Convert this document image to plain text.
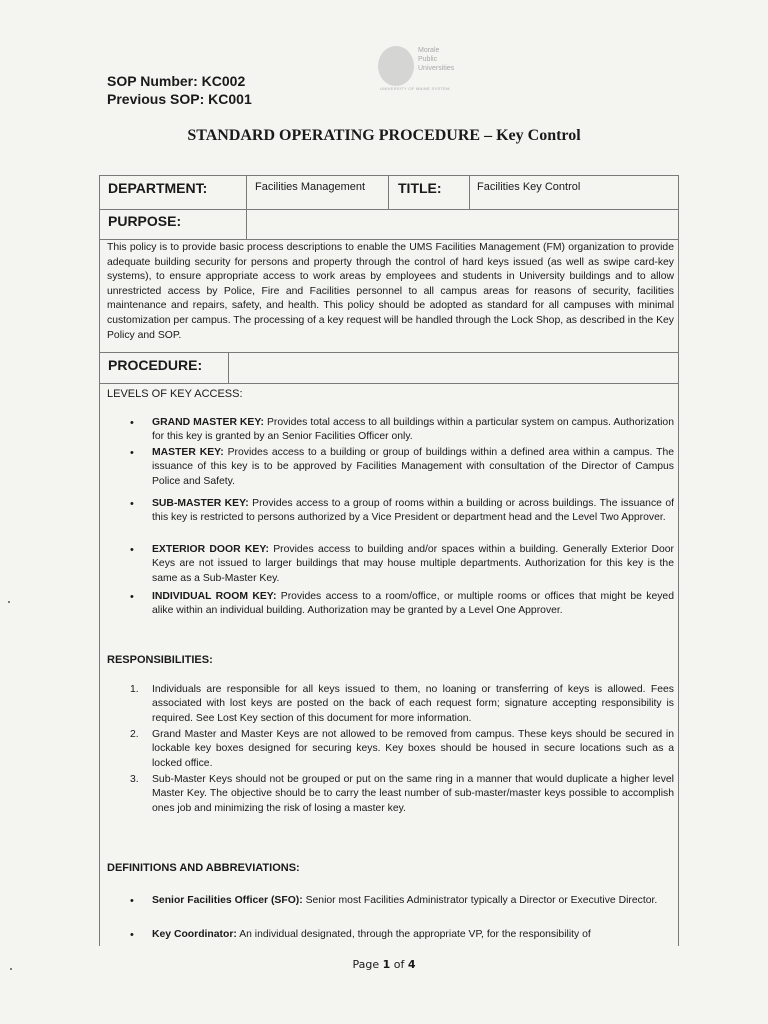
Morale
Public
Universities
UNIVERSITY OF MAINE SYSTEM
SOP Number: KC002
Previous SOP: KC001
STANDARD OPERATING PROCEDURE – Key Control
DEPARTMENT:	Facilities Management TITLE:	Facilities Key Control
PURPOSE:
This policy is to provide basic process descriptions to enable the UMS Facilities Management (FM) organization to provide adequate building security for persons and property through the control of hard keys issued (as well as swipe card-key systems), to ensure appropriate access to work areas by employees and students in University buildings and to allow unrestricted access by Police, Fire and Facilities personnel to all campus areas for reasons of security, facilities maintenance and repairs, safety, and health. This policy should be adopted as standard for all campuses with minimal customization per campus. The processing of a key request will be handled through the Lock Shop, as described in the Key Policy and SOP.
PROCEDURE:
LEVELS OF KEY ACCESS:
• GRAND MASTER KEY: Provides total access to all buildings within a particular system on campus. Authorization for this key is granted by an Senior Facilities Officer only.
• MASTER KEY: Provides access to a building or group of buildings within a defined area within a campus. The issuance of this key is to be approved by Facilities Management with consultation of the Director of Campus Police and Safety.
• SUB-MASTER KEY: Provides access to a group of rooms within a building or across buildings. The issuance of this key is restricted to persons authorized by a Vice President or department head and the Level Two Approver.
• EXTERIOR DOOR KEY: Provides access to building and/or spaces within a building. Generally Exterior Door Keys are not issued to larger buildings that may house multiple departments. Authorization for this key is the same as a Sub-Master Key.
• INDIVIDUAL ROOM KEY: Provides access to a room/office, or multiple rooms or offices that might be keyed alike within an individual building. Authorization may be granted by a Level One Approver.
RESPONSIBILITIES:
1. Individuals are responsible for all keys issued to them, no loaning or transferring of keys is allowed. Fees associated with lost keys are posted on the back of each request form; signature accepting responsibility is required. See Lost Key section of this document for more information.
2. Grand Master and Master Keys are not allowed to be removed from campus. These keys should be secured in lockable key boxes designed for securing keys. Key boxes should be housed in secure locations such as a locked office.
3. Sub-Master Keys should not be grouped or put on the same ring in a manner that would duplicate a higher level Master Key. The objective should be to carry the least number of sub-master/master keys possible to accomplish ones job and minimizing the risk of losing a master key.
DEFINITIONS AND ABBREVIATIONS:
• Senior Facilities Officer (SFO): Senior most Facilities Administrator typically a Director or Executive Director.
• Key Coordinator: An individual designated, through the appropriate VP, for the responsibility of
Page 1 of 4
